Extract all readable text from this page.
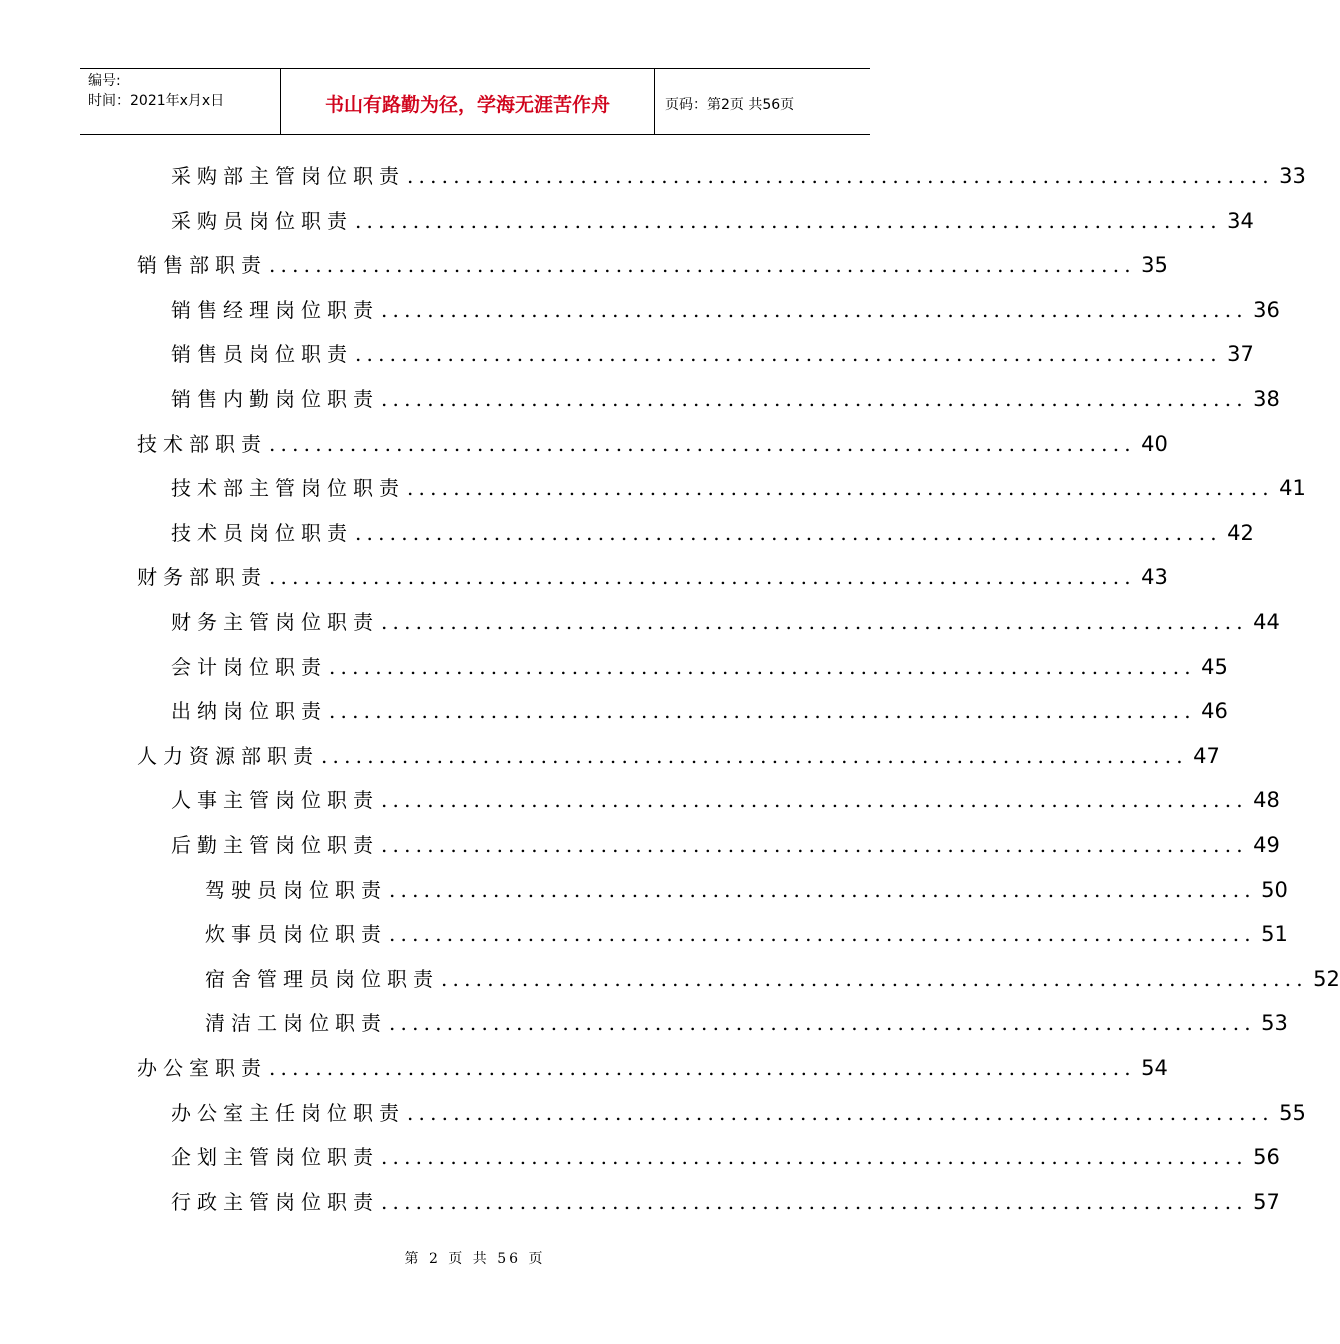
编号:
时间：2021年x月x日	书山有路勤为径，学海无涯苦作舟	页码：第2页 共56页
采购部主管岗位职责 ........................................................................... 33
采购员岗位职责 ........................................................................... 34
销售部职责 ........................................................................... 35
销售经理岗位职责 ........................................................................... 36
销售员岗位职责 ........................................................................... 37
销售内勤岗位职责 ........................................................................... 38
技术部职责 ........................................................................... 40
技术部主管岗位职责 ........................................................................... 41
技术员岗位职责 ........................................................................... 42
财务部职责 ........................................................................... 43
财务主管岗位职责 ........................................................................... 44
会计岗位职责 ........................................................................... 45
出纳岗位职责 ........................................................................... 46
人力资源部职责 ........................................................................... 47
人事主管岗位职责 ........................................................................... 48
后勤主管岗位职责 ........................................................................... 49
驾驶员岗位职责 ........................................................................... 50
炊事员岗位职责 ........................................................................... 51
宿舍管理员岗位职责 ........................................................................... 52
清洁工岗位职责 ........................................................................... 53
办公室职责 ........................................................................... 54
办公室主任岗位职责 ........................................................................... 55
企划主管岗位职责 ........................................................................... 56
行政主管岗位职责 ........................................................................... 57
第 2 页 共 56 页
